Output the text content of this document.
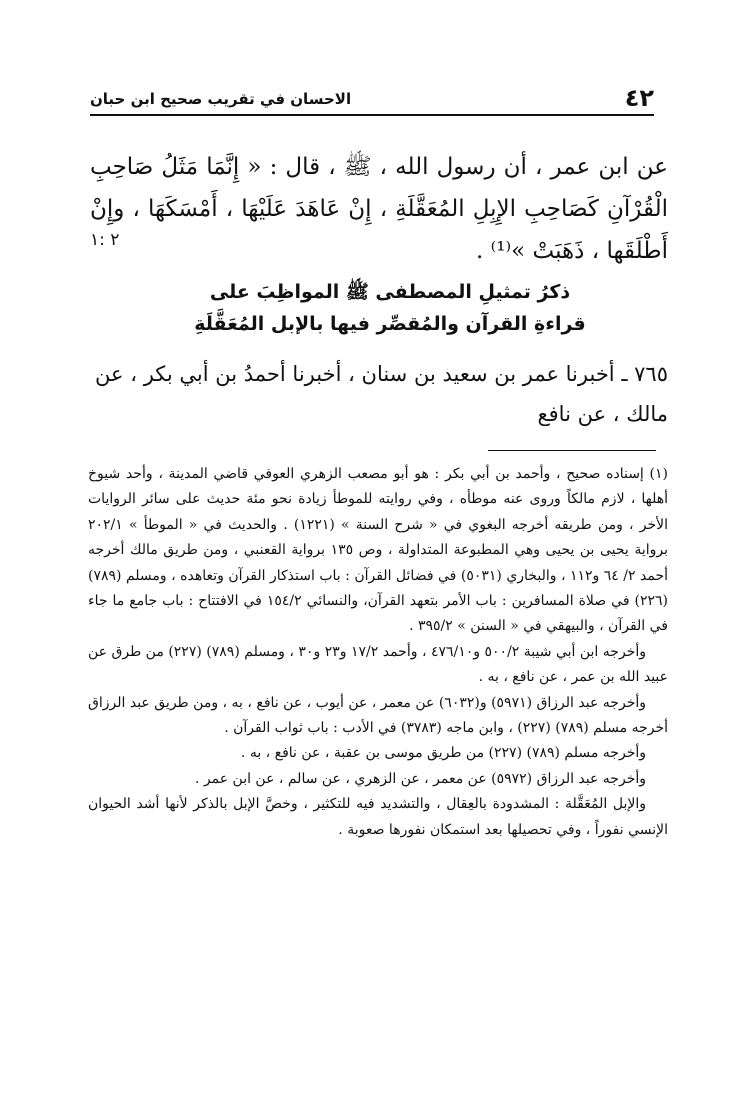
٤٢
الاحسان في تقريب صحيح ابن حبان

عن ابن عمر ، أن رسول الله ، ﷺ ، قال : « إِنَّمَا مَثَلُ صَاحِبِ الْقُرْآنِ كَصَاحِبِ الإِبِلِ المُعَقَّلَةِ ، إِنْ عَاهَدَ عَلَيْهَا ، أَمْسَكَهَا ، وإِنْ أَطْلَقَها ، ذَهَبَتْ »⁽¹⁾ .

٢ :١
ذكرُ تمثيلِ المصطفى ﷺ المواظِبَ على
قراءةِ القرآن والمُقصِّر فيها بالإبل المُعَقَّلَةِ

٧٦٥ ـ أخبرنا عمر بن سعيد بن سنان ، أخبرنا أحمدُ بن أبي بكر ، عن مالك ، عن نافع

(١) إسناده صحيح ، وأحمد بن أبي بكر : هو أبو مصعب الزهري العوفي قاضي المدينة ، وأحد شيوخ أهلها ، لازم مالكاً وروى عنه موطأه ، وفي روايته للموطأ زيادة نحو مئة حديث على سائر الروايات الأخر ، ومن طريقه أخرجه البغوي في « شرح السنة » (١٢٢١) . والحديث في « الموطأ » ٢٠٢/١ برواية يحيى بن يحيى وهي المطبوعة المتداولة ، وص ١٣٥ برواية القعنبي ، ومن طريق مالك أخرجه أحمد ٢/ ٦٤ و١١٢ ، والبخاري (٥٠٣١) في فضائل القرآن : باب استذكار القرآن وتعاهده ، ومسلم (٧٨٩) (٢٢٦) في صلاة المسافرين : باب الأمر بتعهد القرآن، والنسائي ١٥٤/٢ في الافتتاح : باب جامع ما جاء في القرآن ، والبيهقي في « السنن » ٣٩٥/٢ .

وأخرجه ابن أبي شيبة ٥٠٠/٢ و٤٧٦/١٠ ، وأحمد ١٧/٢ و٢٣ و٣٠ ، ومسلم (٧٨٩) (٢٢٧) من طرق عن عبيد الله بن عمر ، عن نافع ، به .

وأخرجه عبد الرزاق (٥٩٧١) و(٦٠٣٢) عن معمر ، عن أيوب ، عن نافع ، به ، ومن طريق عبد الرزاق أخرجه مسلم (٧٨٩) (٢٢٧) ، وابن ماجه (٣٧٨٣) في الأدب : باب ثواب القرآن .

وأخرجه مسلم (٧٨٩) (٢٢٧) من طريق موسى بن عقبة ، عن نافع ، به .

وأخرجه عبد الرزاق (٥٩٧٢) عن معمر ، عن الزهري ، عن سالم ، عن ابن عمر .

والإبل المُعَقَّلة : المشدودة بالعِقال ، والتشديد فيه للتكثير ، وخصَّ الإبل بالذكر لأنها أشد الحيوان الإنسي نفوراً ، وفي تحصيلها بعد استمكان نفورها صعوبة .
